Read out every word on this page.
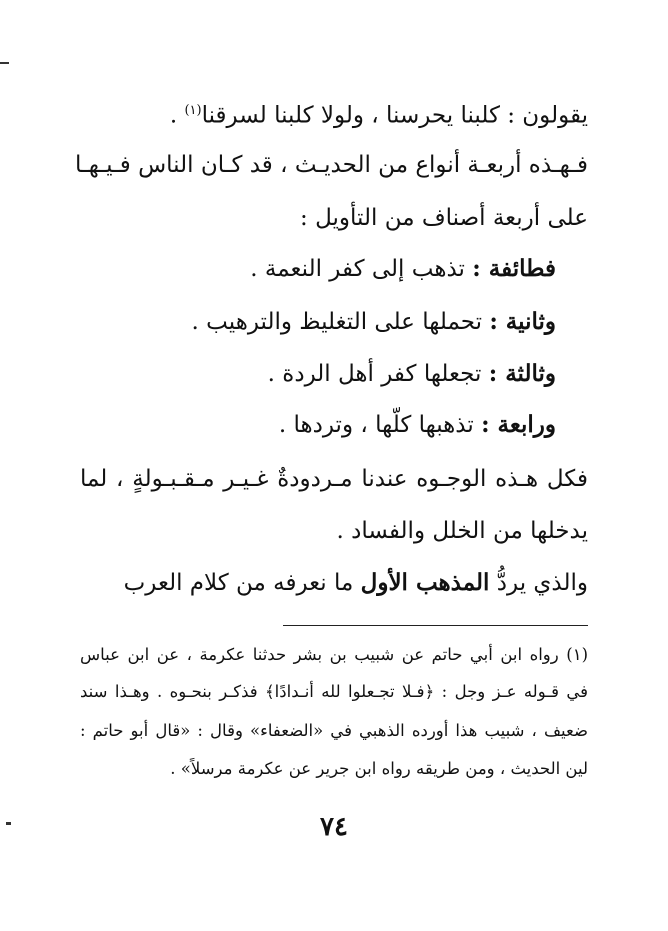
يقولون : كلبنا يحرسنا ، ولولا كلبنا لسرقنا$^{(١)}$ .
فـهـذه أربعـة أنواع من الحديـث ، قد كـان الناس فـيـهـا
على أربعة أصناف من التأويل :
فطائفة : تذهب إلى كفر النعمة .
وثانية : تحملها على التغليظ والترهيب .
وثالثة : تجعلها كفر أهل الردة .
ورابعة : تذهبها كلّها ، وتردها .
فكل هـذه الوجـوه عندنا مـردودةٌ غـيـر مـقـبـولةٍ ، لما
يدخلها من الخلل والفساد .
والذي يردُّ المذهب الأول ما نعرفه من كلام العرب
(١) رواه ابن أبي حاتم عن شبيب بن بشر حدثنا عكرمة ، عن ابن عباس
في قـوله عـز وجل : ﴿فـلا تجـعلوا لله أنـدادًا﴾ فذكـر بنحـوه . وهـذا سند
ضعيف ، شبيب هذا أورده الذهبي في «الضعفاء» وقال : «قال أبو حاتم :
لين الحديث ، ومن طريقه رواه ابن جرير عن عكرمة مرسلاً» .
٧٤
